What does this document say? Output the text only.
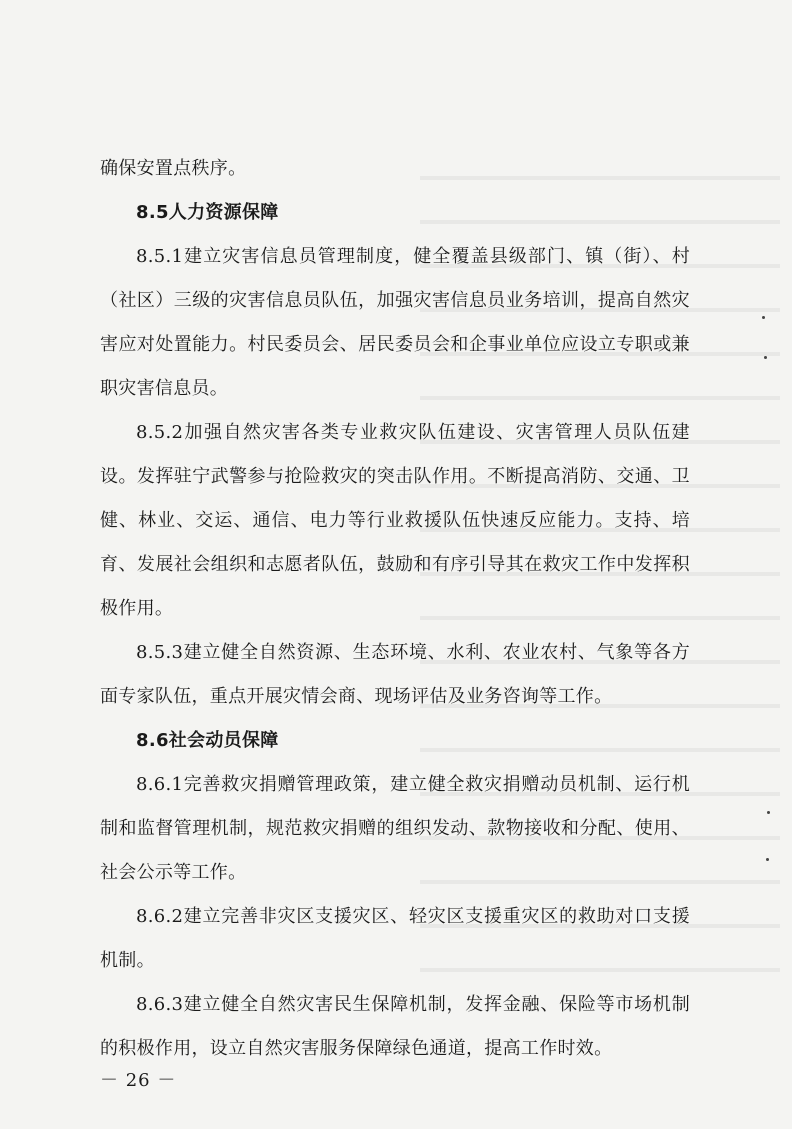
确保安置点秩序。

8.5人力资源保障

8.5.1建立灾害信息员管理制度，健全覆盖县级部门、镇（街）、村（社区）三级的灾害信息员队伍，加强灾害信息员业务培训，提高自然灾害应对处置能力。村民委员会、居民委员会和企事业单位应设立专职或兼职灾害信息员。

8.5.2加强自然灾害各类专业救灾队伍建设、灾害管理人员队伍建设。发挥驻宁武警参与抢险救灾的突击队作用。不断提高消防、交通、卫健、林业、交运、通信、电力等行业救援队伍快速反应能力。支持、培育、发展社会组织和志愿者队伍，鼓励和有序引导其在救灾工作中发挥积极作用。

8.5.3建立健全自然资源、生态环境、水利、农业农村、气象等各方面专家队伍，重点开展灾情会商、现场评估及业务咨询等工作。

8.6社会动员保障

8.6.1完善救灾捐赠管理政策，建立健全救灾捐赠动员机制、运行机制和监督管理机制，规范救灾捐赠的组织发动、款物接收和分配、使用、社会公示等工作。

8.6.2建立完善非灾区支援灾区、轻灾区支援重灾区的救助对口支援机制。

8.6.3建立健全自然灾害民生保障机制，发挥金融、保险等市场机制的积极作用，设立自然灾害服务保障绿色通道，提高工作时效。

－ 26 －
